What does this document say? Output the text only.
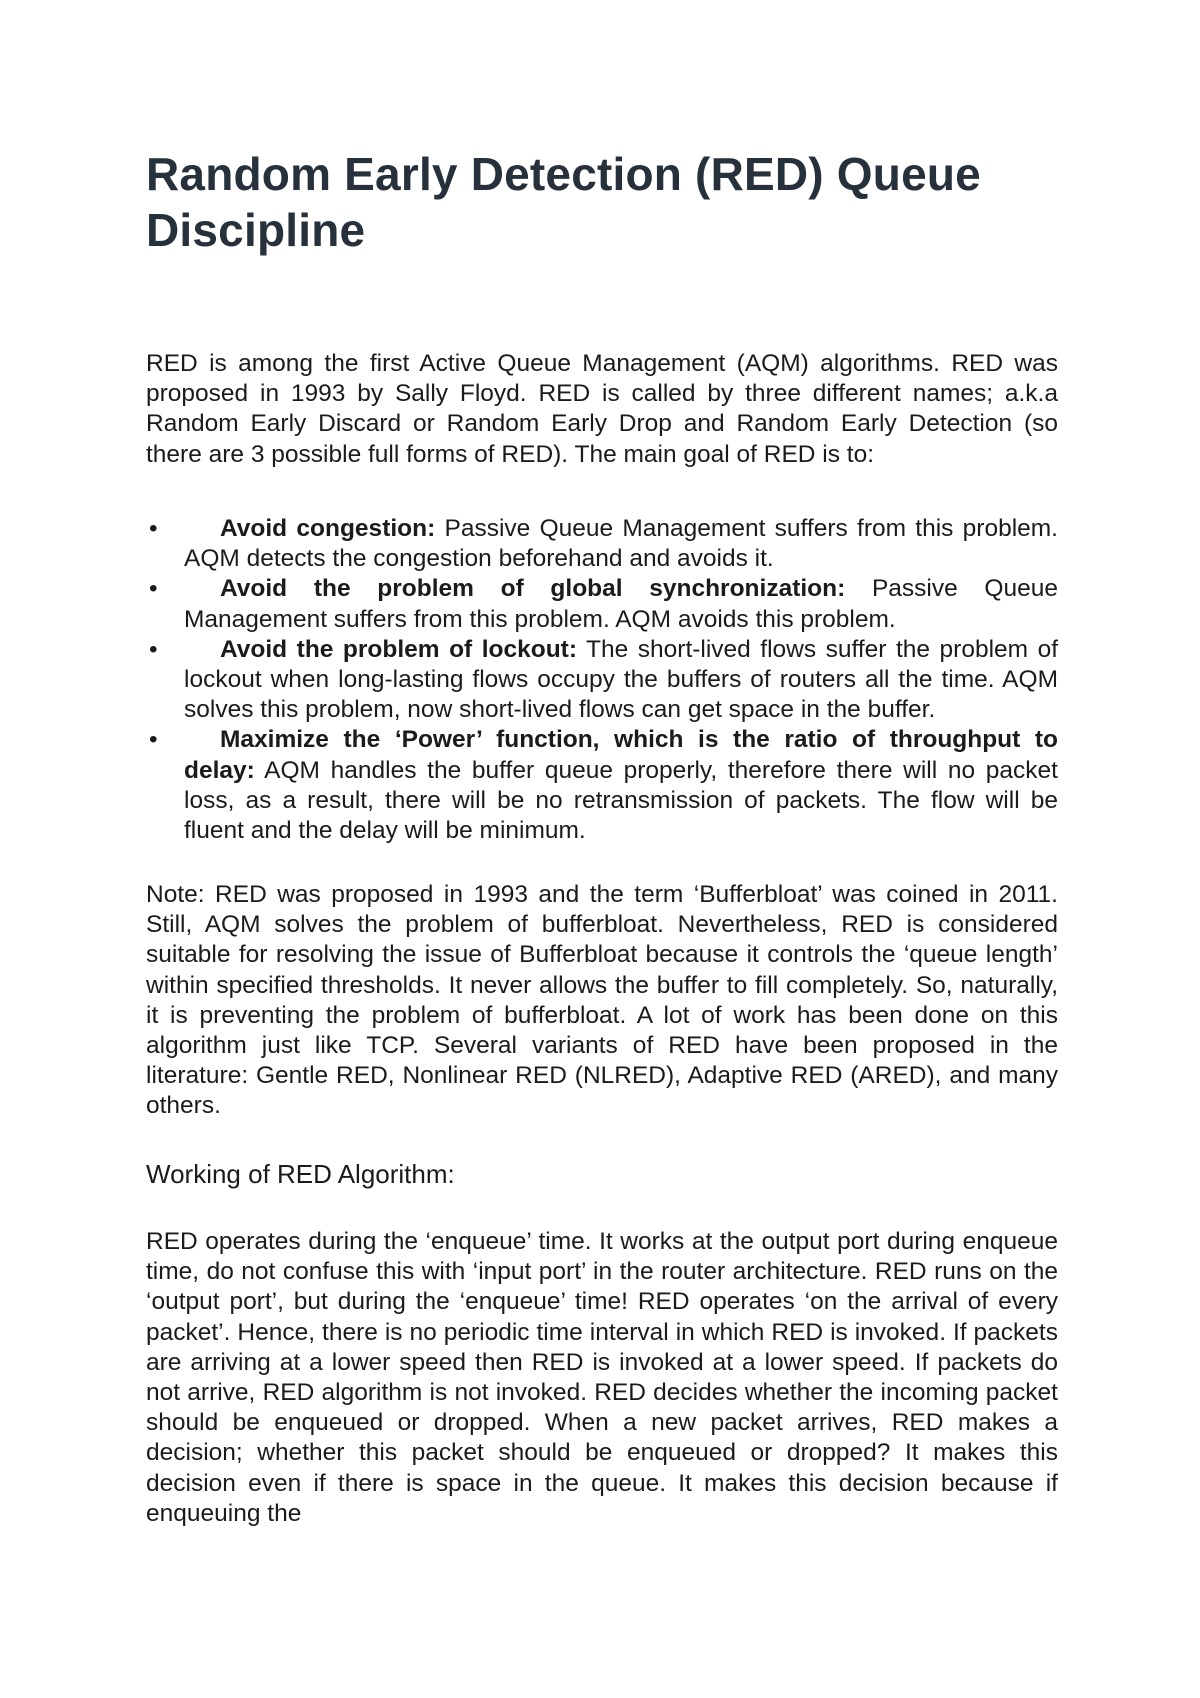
Random Early Detection (RED) Queue Discipline

RED is among the first Active Queue Management (AQM) algorithms. RED was proposed in 1993 by Sally Floyd. RED is called by three different names; a.k.a Random Early Discard or Random Early Drop and Random Early Detection (so there are 3 possible full forms of RED). The main goal of RED is to:

•	Avoid congestion: Passive Queue Management suffers from this problem. AQM detects the congestion beforehand and avoids it.
•	Avoid the problem of global synchronization: Passive Queue Management suffers from this problem. AQM avoids this problem.
•	Avoid the problem of lockout: The short-lived flows suffer the problem of lockout when long-lasting flows occupy the buffers of routers all the time. AQM solves this problem, now short-lived flows can get space in the buffer.
•	Maximize the ‘Power’ function, which is the ratio of throughput to delay: AQM handles the buffer queue properly, therefore there will no packet loss, as a result, there will be no retransmission of packets. The flow will be fluent and the delay will be minimum.

Note: RED was proposed in 1993 and the term ‘Bufferbloat’ was coined in 2011. Still, AQM solves the problem of bufferbloat. Nevertheless, RED is considered suitable for resolving the issue of Bufferbloat because it controls the ‘queue length’ within specified thresholds. It never allows the buffer to fill completely. So, naturally, it is preventing the problem of bufferbloat. A lot of work has been done on this algorithm just like TCP. Several variants of RED have been proposed in the literature: Gentle RED, Nonlinear RED (NLRED), Adaptive RED (ARED), and many others.

Working of RED Algorithm:

RED operates during the ‘enqueue’ time. It works at the output port during enqueue time, do not confuse this with ‘input port’ in the router architecture. RED runs on the ‘output port’, but during the ‘enqueue’ time! RED operates ‘on the arrival of every packet’. Hence, there is no periodic time interval in which RED is invoked. If packets are arriving at a lower speed then RED is invoked at a lower speed. If packets do not arrive, RED algorithm is not invoked. RED decides whether the incoming packet should be enqueued or dropped. When a new packet arrives, RED makes a decision; whether this packet should be enqueued or dropped? It makes this decision even if there is space in the queue. It makes this decision because if enqueuing the
